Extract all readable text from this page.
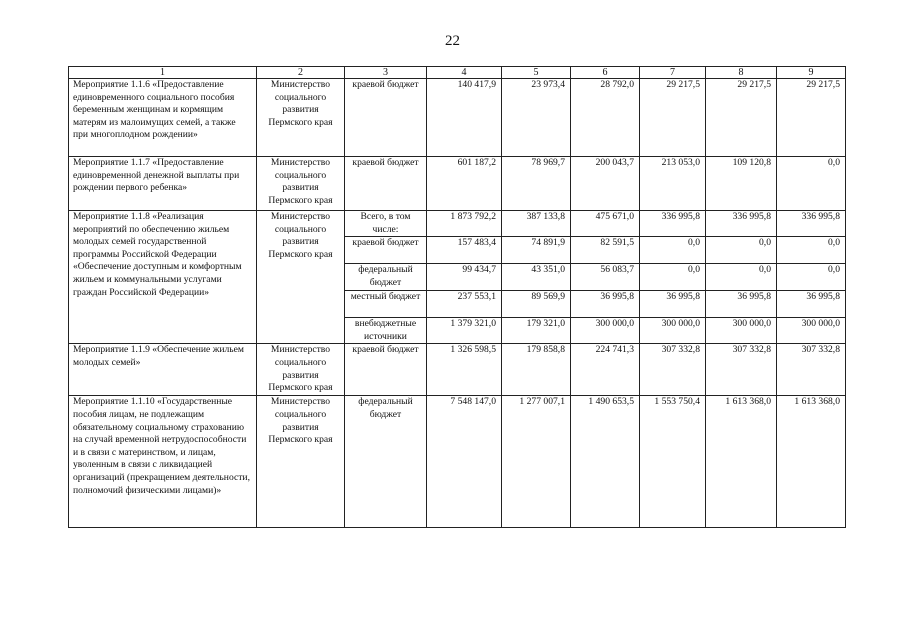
22
1	2	3	4	5	6	7	8	9
Мероприятие 1.1.6 «Предоставление единовременного социального пособия беременным женщинам и кормящим матерям из малоимущих семей, а также при многоплодном рождении»	Министерство социального развития Пермского края	краевой бюджет	140 417,9	23 973,4	28 792,0	29 217,5	29 217,5	29 217,5
Мероприятие 1.1.7 «Предоставление единовременной денежной выплаты при рождении первого ребенка»	Министерство социального развития Пермского края	краевой бюджет	601 187,2	78 969,7	200 043,7	213 053,0	109 120,8	0,0
Мероприятие 1.1.8 «Реализация мероприятий по обеспечению жильем молодых семей государственной программы Российской Федерации «Обеспечение доступным и комфортным жильем и коммунальными услугами граждан Российской Федерации»	Министерство социального развития Пермского края	Всего, в том числе:	1 873 792,2	387 133,8	475 671,0	336 995,8	336 995,8	336 995,8
		краевой бюджет	157 483,4	74 891,9	82 591,5	0,0	0,0	0,0
		федеральный бюджет	99 434,7	43 351,0	56 083,7	0,0	0,0	0,0
		местный бюджет	237 553,1	89 569,9	36 995,8	36 995,8	36 995,8	36 995,8
		внебюджетные источники	1 379 321,0	179 321,0	300 000,0	300 000,0	300 000,0	300 000,0
Мероприятие 1.1.9 «Обеспечение жильем молодых семей»	Министерство социального развития Пермского края	краевой бюджет	1 326 598,5	179 858,8	224 741,3	307 332,8	307 332,8	307 332,8
Мероприятие 1.1.10 «Государственные пособия лицам, не подлежащим обязательному социальному страхованию на случай временной нетрудоспособности и в связи с материнством, и лицам, уволенным в связи с ликвидацией организаций (прекращением деятельности, полномочий физическими лицами)»	Министерство социального развития Пермского края	федеральный бюджет	7 548 147,0	1 277 007,1	1 490 653,5	1 553 750,4	1 613 368,0	1 613 368,0
